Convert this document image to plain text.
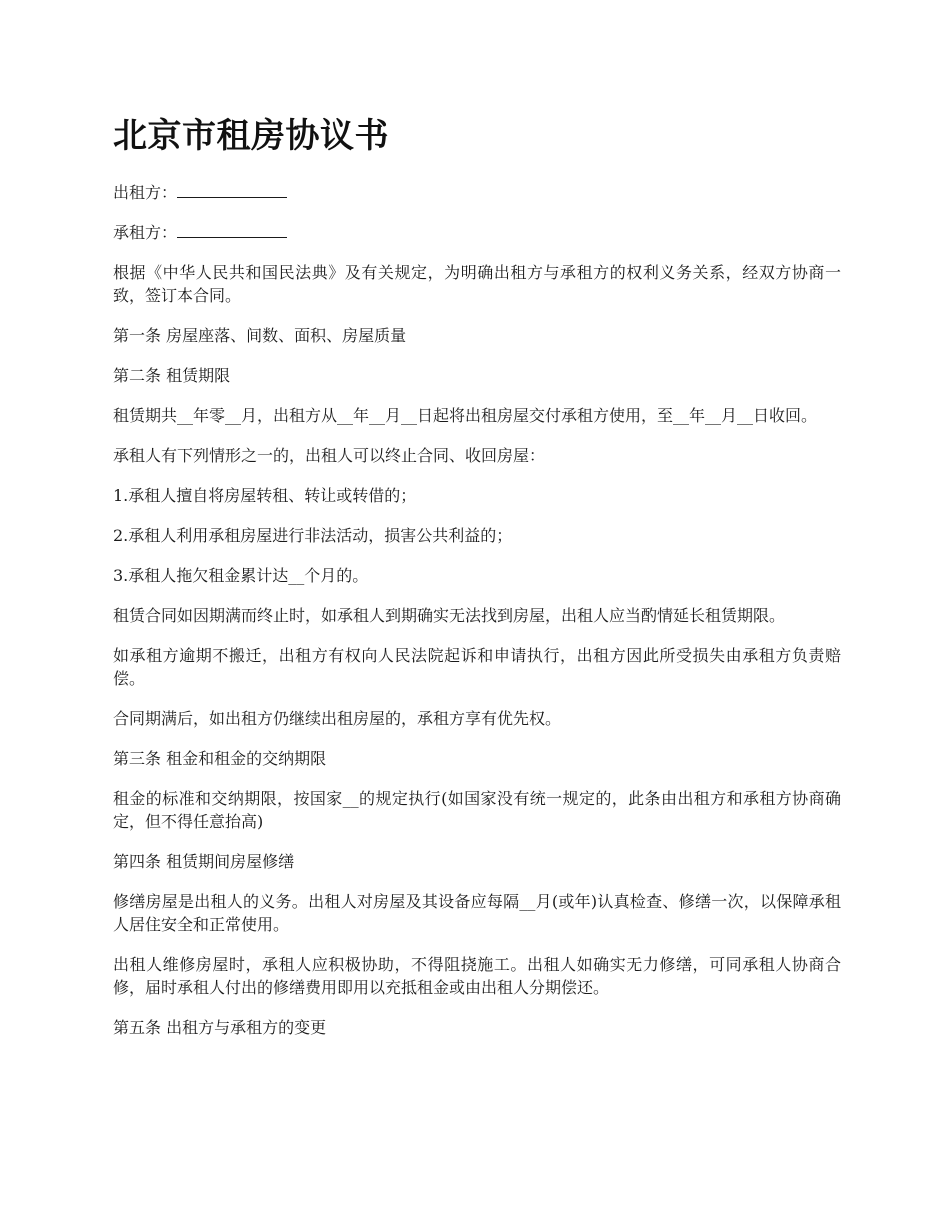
北京市租房协议书

出租方：

承租方：

根据《中华人民共和国民法典》及有关规定，为明确出租方与承租方的权利义务关系，经双方协商一致，签订本合同。

第一条 房屋座落、间数、面积、房屋质量

第二条 租赁期限

租赁期共__年零__月，出租方从__年__月__日起将出租房屋交付承租方使用，至__年__月__日收回。

承租人有下列情形之一的，出租人可以终止合同、收回房屋：

1.承租人擅自将房屋转租、转让或转借的；

2.承租人利用承租房屋进行非法活动，损害公共利益的；

3.承租人拖欠租金累计达__个月的。

租赁合同如因期满而终止时，如承租人到期确实无法找到房屋，出租人应当酌情延长租赁期限。

如承租方逾期不搬迁，出租方有权向人民法院起诉和申请执行，出租方因此所受损失由承租方负责赔偿。

合同期满后，如出租方仍继续出租房屋的，承租方享有优先权。

第三条 租金和租金的交纳期限

租金的标准和交纳期限，按国家__的规定执行(如国家没有统一规定的，此条由出租方和承租方协商确定，但不得任意抬高)

第四条 租赁期间房屋修缮

修缮房屋是出租人的义务。出租人对房屋及其设备应每隔__月(或年)认真检查、修缮一次，以保障承租人居住安全和正常使用。

出租人维修房屋时，承租人应积极协助，不得阻挠施工。出租人如确实无力修缮，可同承租人协商合修，届时承租人付出的修缮费用即用以充抵租金或由出租人分期偿还。

第五条 出租方与承租方的变更
